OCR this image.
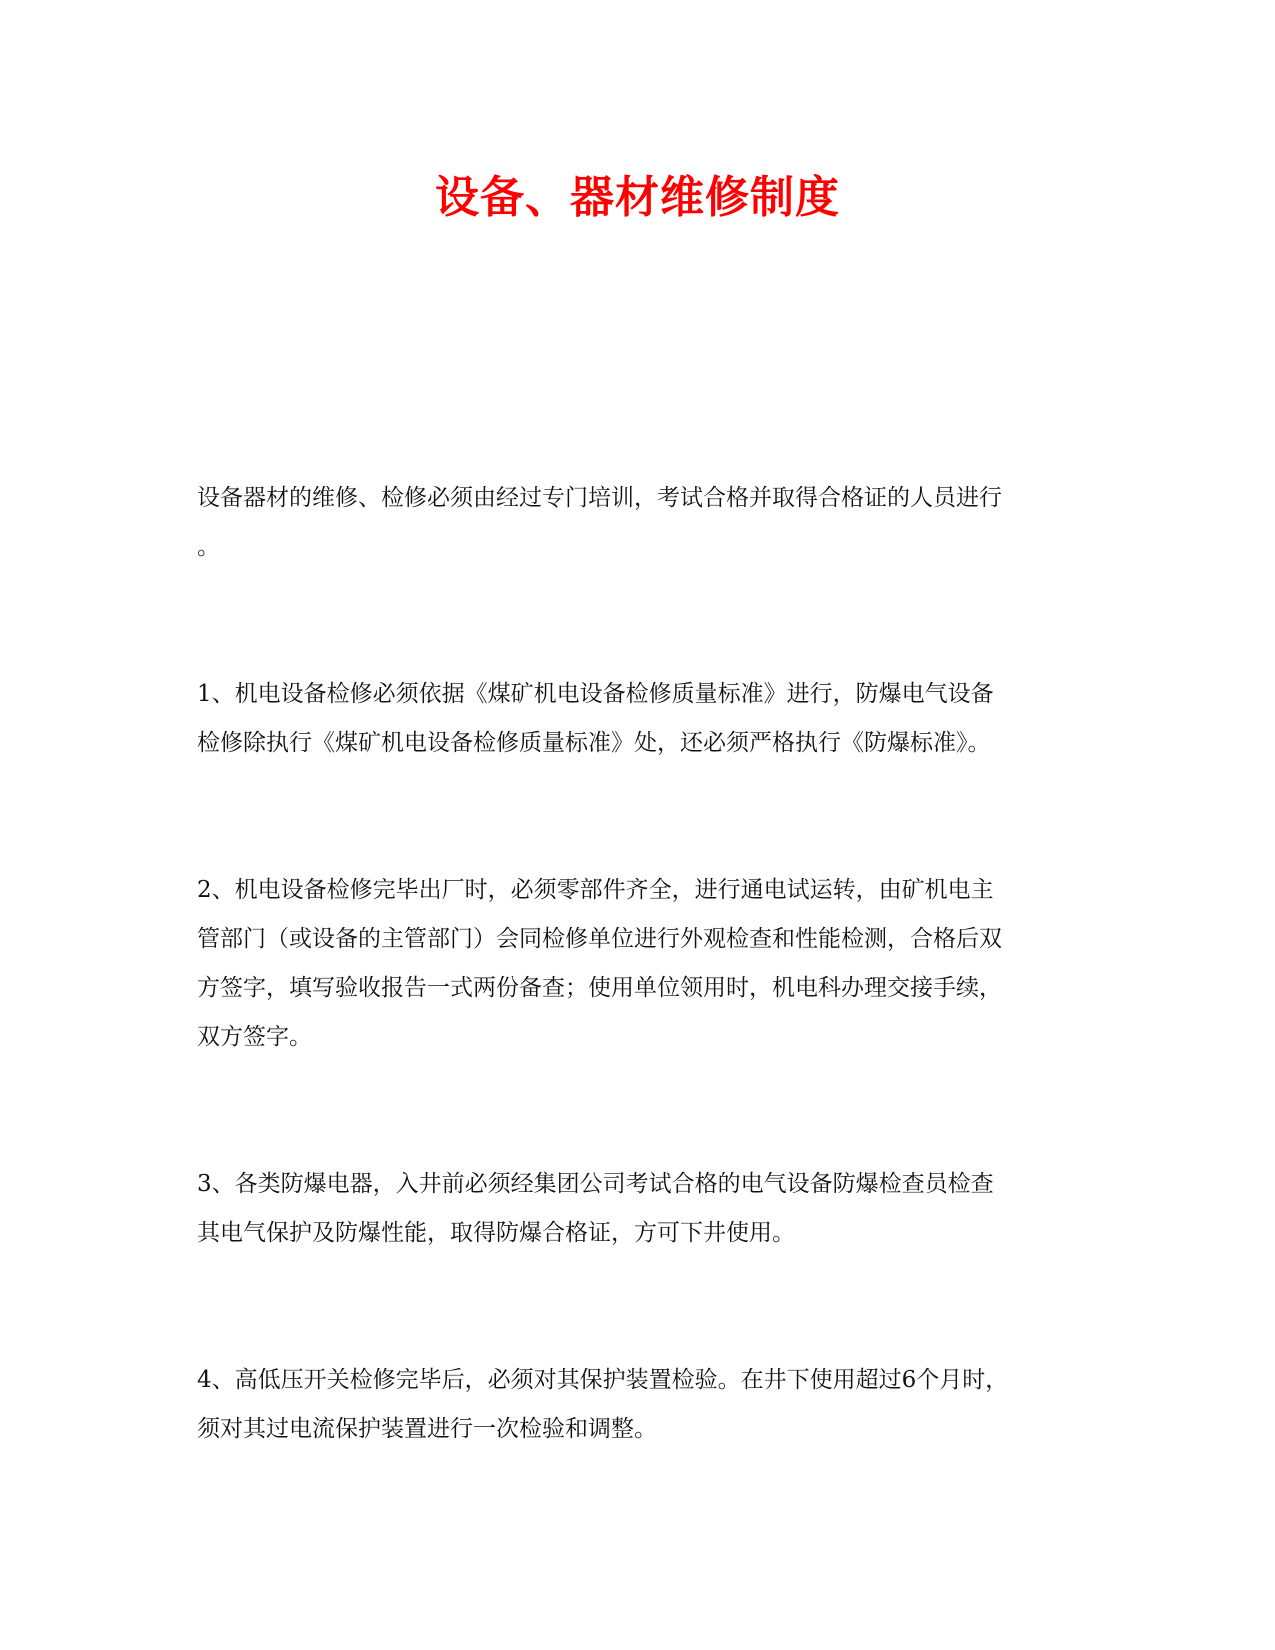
设备、器材维修制度
设备器材的维修、检修必须由经过专门培训，考试合格并取得合格证的人员进行
。
1、机电设备检修必须依据《煤矿机电设备检修质量标准》进行，防爆电气设备
检修除执行《煤矿机电设备检修质量标准》处，还必须严格执行《防爆标准》。
2、机电设备检修完毕出厂时，必须零部件齐全，进行通电试运转，由矿机电主
管部门（或设备的主管部门）会同检修单位进行外观检查和性能检测，合格后双
方签字，填写验收报告一式两份备查；使用单位领用时，机电科办理交接手续，
双方签字。
3、各类防爆电器，入井前必须经集团公司考试合格的电气设备防爆检查员检查
其电气保护及防爆性能，取得防爆合格证，方可下井使用。
4、高低压开关检修完毕后，必须对其保护装置检验。在井下使用超过6个月时，
须对其过电流保护装置进行一次检验和调整。
